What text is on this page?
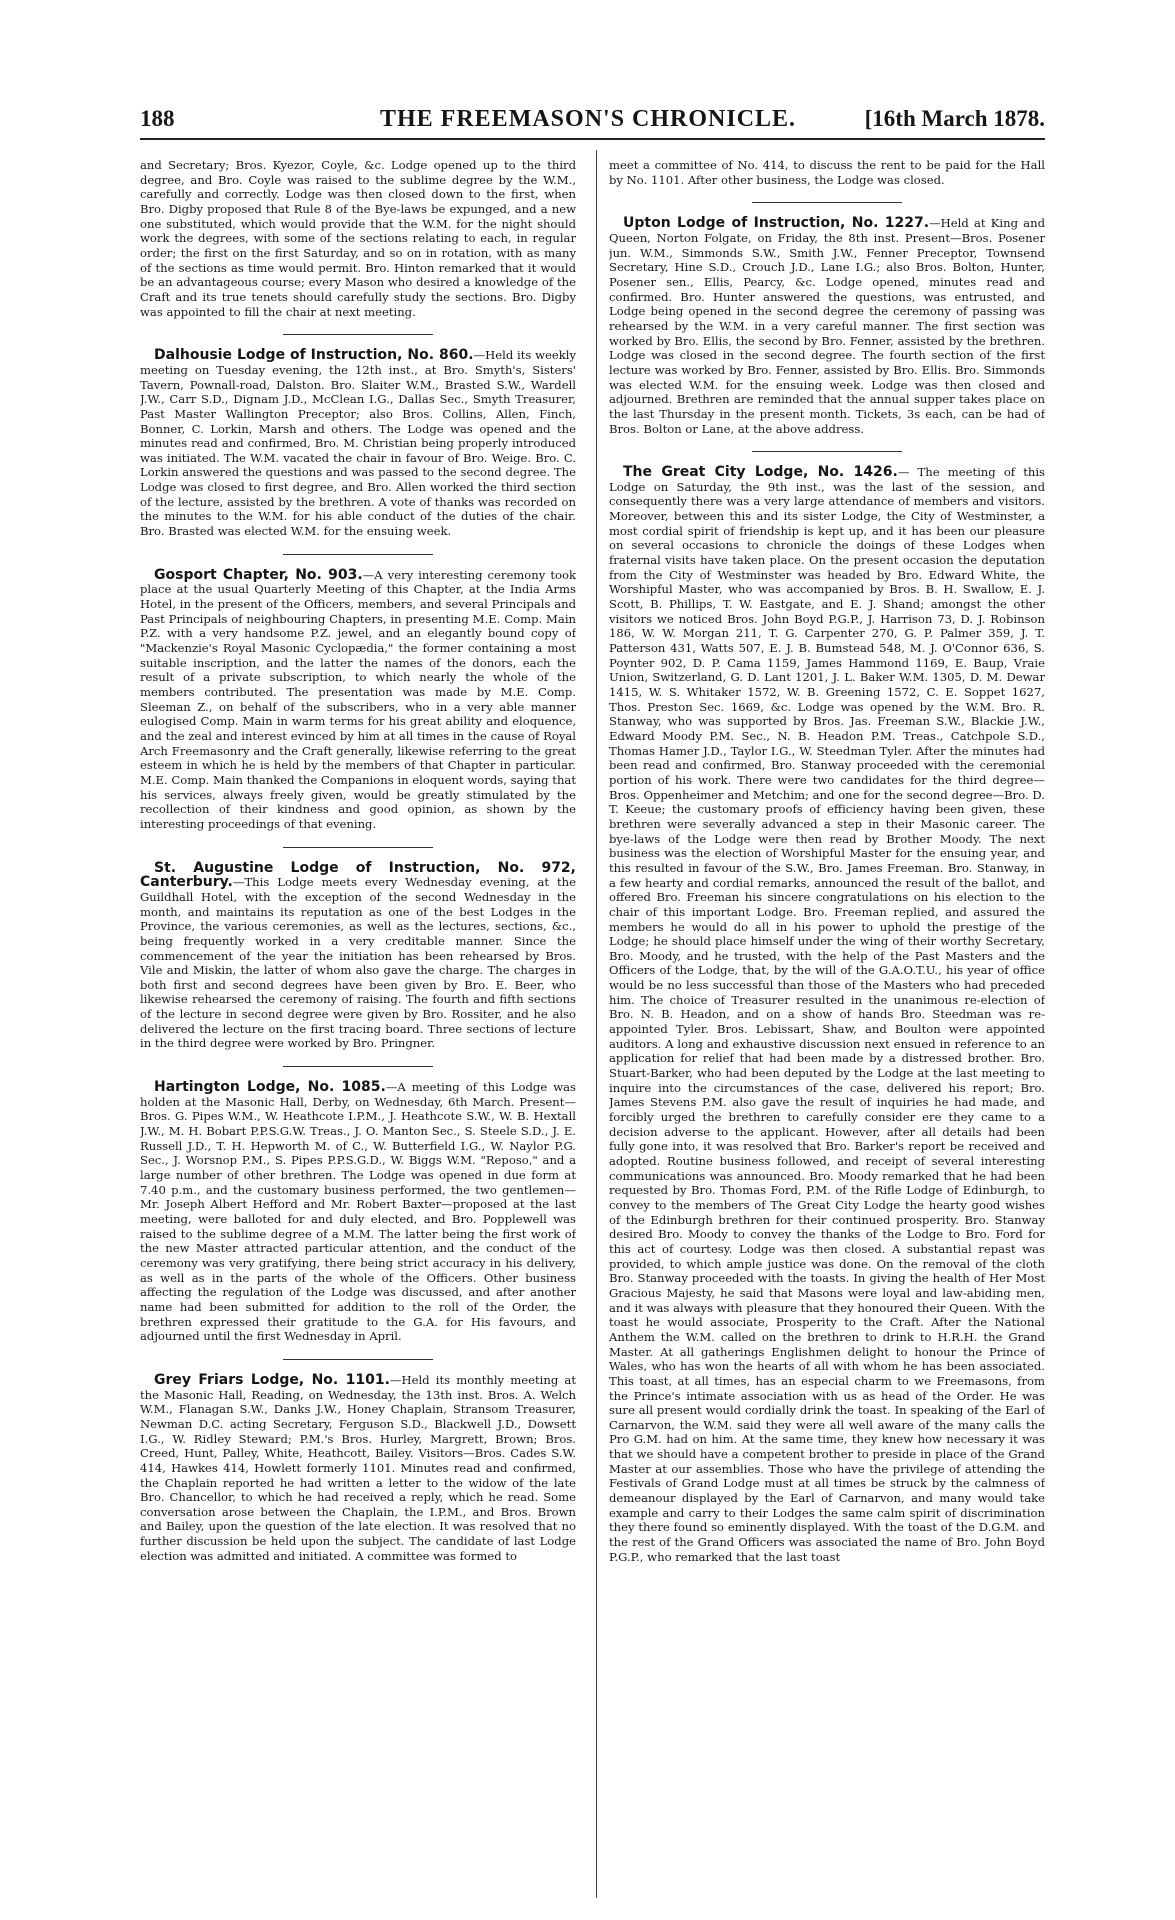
188	THE FREEMASON'S CHRONICLE.	[16th March 1878.

and Secretary; Bros. Kyezor, Coyle, &c. Lodge opened up to the third degree, and Bro. Coyle was raised to the sublime degree by the W.M., carefully and correctly. Lodge was then closed down to the first, when Bro. Digby proposed that Rule 8 of the Bye-laws be expunged, and a new one substituted, which would provide that the W.M. for the night should work the degrees, with some of the sections relating to each, in regular order; the first on the first Saturday, and so on in rotation, with as many of the sections as time would permit. Bro. Hinton remarked that it would be an advantageous course; every Mason who desired a knowledge of the Craft and its true tenets should carefully study the sections. Bro. Digby was appointed to fill the chair at next meeting.

Dalhousie Lodge of Instruction, No. 860.—Held its weekly meeting on Tuesday evening, the 12th inst., at Bro. Smyth's, Sisters' Tavern, Pownall-road, Dalston. Bro. Slaiter W.M., Brasted S.W., Wardell J.W., Carr S.D., Dignam J.D., McClean I.G., Dallas Sec., Smyth Treasurer, Past Master Wallington Preceptor; also Bros. Collins, Allen, Finch, Bonner, C. Lorkin, Marsh and others. The Lodge was opened and the minutes read and confirmed, Bro. M. Christian being properly introduced was initiated. The W.M. vacated the chair in favour of Bro. Weige. Bro. C. Lorkin answered the questions and was passed to the second degree. The Lodge was closed to first degree, and Bro. Allen worked the third section of the lecture, assisted by the brethren. A vote of thanks was recorded on the minutes to the W.M. for his able conduct of the duties of the chair. Bro. Brasted was elected W.M. for the ensuing week.

Gosport Chapter, No. 903.—A very interesting ceremony took place at the usual Quarterly Meeting of this Chapter, at the India Arms Hotel, in the present of the Officers, members, and several Principals and Past Principals of neighbouring Chapters, in presenting M.E. Comp. Main P.Z. with a very handsome P.Z. jewel, and an elegantly bound copy of "Mackenzie's Royal Masonic Cyclopædia," the former containing a most suitable inscription, and the latter the names of the donors, each the result of a private subscription, to which nearly the whole of the members contributed. The presentation was made by M.E. Comp. Sleeman Z., on behalf of the subscribers, who in a very able manner eulogised Comp. Main in warm terms for his great ability and eloquence, and the zeal and interest evinced by him at all times in the cause of Royal Arch Freemasonry and the Craft generally, likewise referring to the great esteem in which he is held by the members of that Chapter in particular. M.E. Comp. Main thanked the Companions in eloquent words, saying that his services, always freely given, would be greatly stimulated by the recollection of their kindness and good opinion, as shown by the interesting proceedings of that evening.

St. Augustine Lodge of Instruction, No. 972, Canterbury.—This Lodge meets every Wednesday evening, at the Guildhall Hotel, with the exception of the second Wednesday in the month, and maintains its reputation as one of the best Lodges in the Province, the various ceremonies, as well as the lectures, sections, &c., being frequently worked in a very creditable manner. Since the commencement of the year the initiation has been rehearsed by Bros. Vile and Miskin, the latter of whom also gave the charge. The charges in both first and second degrees have been given by Bro. E. Beer, who likewise rehearsed the ceremony of raising. The fourth and fifth sections of the lecture in second degree were given by Bro. Rossiter, and he also delivered the lecture on the first tracing board. Three sections of lecture in the third degree were worked by Bro. Pringner.

Hartington Lodge, No. 1085.—A meeting of this Lodge was holden at the Masonic Hall, Derby, on Wednesday, 6th March. Present—Bros. G. Pipes W.M., W. Heathcote I.P.M., J. Heathcote S.W., W. B. Hextall J.W., M. H. Bobart P.P.S.G.W. Treas., J. O. Manton Sec., S. Steele S.D., J. E. Russell J.D., T. H. Hepworth M. of C., W. Butterfield I.G., W. Naylor P.G. Sec., J. Worsnop P.M., S. Pipes P.P.S.G.D., W. Biggs W.M. "Reposo," and a large number of other brethren. The Lodge was opened in due form at 7.40 p.m., and the customary business performed, the two gentlemen—Mr. Joseph Albert Hefford and Mr. Robert Baxter—proposed at the last meeting, were balloted for and duly elected, and Bro. Popplewell was raised to the sublime degree of a M.M. The latter being the first work of the new Master attracted particular attention, and the conduct of the ceremony was very gratifying, there being strict accuracy in his delivery, as well as in the parts of the whole of the Officers. Other business affecting the regulation of the Lodge was discussed, and after another name had been submitted for addition to the roll of the Order, the brethren expressed their gratitude to the G.A. for His favours, and adjourned until the first Wednesday in April.

Grey Friars Lodge, No. 1101.—Held its monthly meeting at the Masonic Hall, Reading, on Wednesday, the 13th inst. Bros. A. Welch W.M., Flanagan S.W., Danks J.W., Honey Chaplain, Stransom Treasurer, Newman D.C. acting Secretary, Ferguson S.D., Blackwell J.D., Dowsett I.G., W. Ridley Steward; P.M.'s Bros. Hurley, Margrett, Brown; Bros. Creed, Hunt, Palley, White, Heathcott, Bailey. Visitors—Bros. Cades S.W. 414, Hawkes 414, Howlett formerly 1101. Minutes read and confirmed, the Chaplain reported he had written a letter to the widow of the late Bro. Chancellor, to which he had received a reply, which he read. Some conversation arose between the Chaplain, the I.P.M., and Bros. Brown and Bailey, upon the question of the late election. It was resolved that no further discussion be held upon the subject. The candidate of last Lodge election was admitted and initiated. A committee was formed to

meet a committee of No. 414, to discuss the rent to be paid for the Hall by No. 1101. After other business, the Lodge was closed.

Upton Lodge of Instruction, No. 1227.—Held at King and Queen, Norton Folgate, on Friday, the 8th inst. Present—Bros. Posener jun. W.M., Simmonds S.W., Smith J.W., Fenner Preceptor, Townsend Secretary, Hine S.D., Crouch J.D., Lane I.G.; also Bros. Bolton, Hunter, Posener sen., Ellis, Pearcy, &c. Lodge opened, minutes read and confirmed. Bro. Hunter answered the questions, was entrusted, and Lodge being opened in the second degree the ceremony of passing was rehearsed by the W.M. in a very careful manner. The first section was worked by Bro. Ellis, the second by Bro. Fenner, assisted by the brethren. Lodge was closed in the second degree. The fourth section of the first lecture was worked by Bro. Fenner, assisted by Bro. Ellis. Bro. Simmonds was elected W.M. for the ensuing week. Lodge was then closed and adjourned. Brethren are reminded that the annual supper takes place on the last Thursday in the present month. Tickets, 3s each, can be had of Bros. Bolton or Lane, at the above address.

The Great City Lodge, No. 1426.— The meeting of this Lodge on Saturday, the 9th inst., was the last of the session, and consequently there was a very large attendance of members and visitors. Moreover, between this and its sister Lodge, the City of Westminster, a most cordial spirit of friendship is kept up, and it has been our pleasure on several occasions to chronicle the doings of these Lodges when fraternal visits have taken place. On the present occasion the deputation from the City of Westminster was headed by Bro. Edward White, the Worshipful Master, who was accompanied by Bros. B. H. Swallow, E. J. Scott, B. Phillips, T. W. Eastgate, and E. J. Shand; amongst the other visitors we noticed Bros. John Boyd P.G.P., J. Harrison 73, D. J. Robinson 186, W. W. Morgan 211, T. G. Carpenter 270, G. P. Palmer 359, J. T. Patterson 431, Watts 507, E. J. B. Bumstead 548, M. J. O'Connor 636, S. Poynter 902, D. P. Cama 1159, James Hammond 1169, E. Baup, Vraie Union, Switzerland, G. D. Lant 1201, J. L. Baker W.M. 1305, D. M. Dewar 1415, W. S. Whitaker 1572, W. B. Greening 1572, C. E. Soppet 1627, Thos. Preston Sec. 1669, &c. Lodge was opened by the W.M. Bro. R. Stanway, who was supported by Bros. Jas. Freeman S.W., Blackie J.W., Edward Moody P.M. Sec., N. B. Headon P.M. Treas., Catchpole S.D., Thomas Hamer J.D., Taylor I.G., W. Steedman Tyler. After the minutes had been read and confirmed, Bro. Stanway proceeded with the ceremonial portion of his work. There were two candidates for the third degree—Bros. Oppenheimer and Metchim; and one for the second degree—Bro. D. T. Keeue; the customary proofs of efficiency having been given, these brethren were severally advanced a step in their Masonic career. The bye-laws of the Lodge were then read by Brother Moody. The next business was the election of Worshipful Master for the ensuing year, and this resulted in favour of the S.W., Bro. James Freeman. Bro. Stanway, in a few hearty and cordial remarks, announced the result of the ballot, and offered Bro. Freeman his sincere congratulations on his election to the chair of this important Lodge. Bro. Freeman replied, and assured the members he would do all in his power to uphold the prestige of the Lodge; he should place himself under the wing of their worthy Secretary, Bro. Moody, and he trusted, with the help of the Past Masters and the Officers of the Lodge, that, by the will of the G.A.O.T.U., his year of office would be no less successful than those of the Masters who had preceded him. The choice of Treasurer resulted in the unanimous re-election of Bro. N. B. Headon, and on a show of hands Bro. Steedman was re-appointed Tyler. Bros. Lebissart, Shaw, and Boulton were appointed auditors. A long and exhaustive discussion next ensued in reference to an application for relief that had been made by a distressed brother. Bro. Stuart-Barker, who had been deputed by the Lodge at the last meeting to inquire into the circumstances of the case, delivered his report; Bro. James Stevens P.M. also gave the result of inquiries he had made, and forcibly urged the brethren to carefully consider ere they came to a decision adverse to the applicant. However, after all details had been fully gone into, it was resolved that Bro. Barker's report be received and adopted. Routine business followed, and receipt of several interesting communications was announced. Bro. Moody remarked that he had been requested by Bro. Thomas Ford, P.M. of the Rifle Lodge of Edinburgh, to convey to the members of The Great City Lodge the hearty good wishes of the Edinburgh brethren for their continued prosperity. Bro. Stanway desired Bro. Moody to convey the thanks of the Lodge to Bro. Ford for this act of courtesy. Lodge was then closed. A substantial repast was provided, to which ample justice was done. On the removal of the cloth Bro. Stanway proceeded with the toasts. In giving the health of Her Most Gracious Majesty, he said that Masons were loyal and law-abiding men, and it was always with pleasure that they honoured their Queen. With the toast he would associate, Prosperity to the Craft. After the National Anthem the W.M. called on the brethren to drink to H.R.H. the Grand Master. At all gatherings Englishmen delight to honour the Prince of Wales, who has won the hearts of all with whom he has been associated. This toast, at all times, has an especial charm to we Freemasons, from the Prince's intimate association with us as head of the Order. He was sure all present would cordially drink the toast. In speaking of the Earl of Carnarvon, the W.M. said they were all well aware of the many calls the Pro G.M. had on him. At the same time, they knew how necessary it was that we should have a competent brother to preside in place of the Grand Master at our assemblies. Those who have the privilege of attending the Festivals of Grand Lodge must at all times be struck by the calmness of demeanour displayed by the Earl of Carnarvon, and many would take example and carry to their Lodges the same calm spirit of discrimination they there found so eminently displayed. With the toast of the D.G.M. and the rest of the Grand Officers was associated the name of Bro. John Boyd P.G.P., who remarked that the last toast
